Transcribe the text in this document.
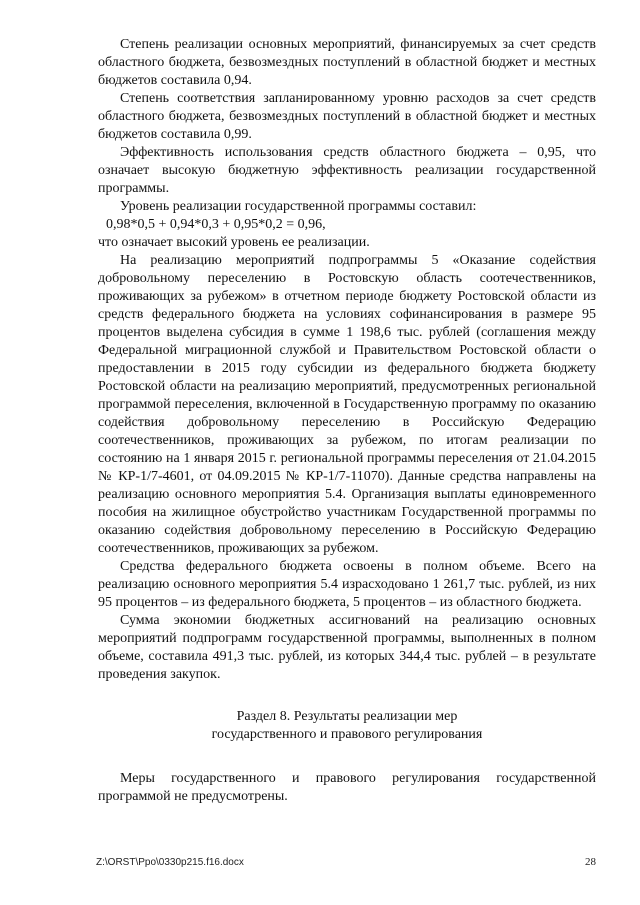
Степень реализации основных мероприятий, финансируемых за счет средств областного бюджета, безвозмездных поступлений в областной бюджет и местных бюджетов составила 0,94.

Степень соответствия запланированному уровню расходов за счет средств областного бюджета, безвозмездных поступлений в областной бюджет и местных бюджетов составила 0,99.

Эффективность использования средств областного бюджета – 0,95, что означает высокую бюджетную эффективность реализации государственной программы.

Уровень реализации государственной программы составил:

0,98*0,5 + 0,94*0,3 + 0,95*0,2 = 0,96,

что означает высокий уровень ее реализации.

На реализацию мероприятий подпрограммы 5 «Оказание содействия добровольному переселению в Ростовскую область соотечественников, проживающих за рубежом» в отчетном периоде бюджету Ростовской области из средств федерального бюджета на условиях софинансирования в размере 95 процентов выделена субсидия в сумме 1 198,6 тыс. рублей (соглашения между Федеральной миграционной службой и Правительством Ростовской области о предоставлении в 2015 году субсидии из федерального бюджета бюджету Ростовской области на реализацию мероприятий, предусмотренных региональной программой переселения, включенной в Государственную программу по оказанию содействия добровольному переселению в Российскую Федерацию соотечественников, проживающих за рубежом, по итогам реализации по состоянию на 1 января 2015 г. региональной программы переселения от 21.04.2015 № КР-1/7-4601, от 04.09.2015 № КР-1/7-11070). Данные средства направлены на реализацию основного мероприятия 5.4. Организация выплаты единовременного пособия на жилищное обустройство участникам Государственной программы по оказанию содействия добровольному переселению в Российскую Федерацию соотечественников, проживающих за рубежом.

Средства федерального бюджета освоены в полном объеме. Всего на реализацию основного мероприятия 5.4 израсходовано 1 261,7 тыс. рублей, из них 95 процентов – из федерального бюджета, 5 процентов – из областного бюджета.

Сумма экономии бюджетных ассигнований на реализацию основных мероприятий подпрограмм государственной программы, выполненных в полном объеме, составила 491,3 тыс. рублей, из которых 344,4 тыс. рублей – в результате проведения закупок.

Раздел 8. Результаты реализации мер
государственного и правового регулирования

Меры государственного и правового регулирования государственной программой не предусмотрены.

Z:\ORST\Ppo\0330p215.f16.docx	28
